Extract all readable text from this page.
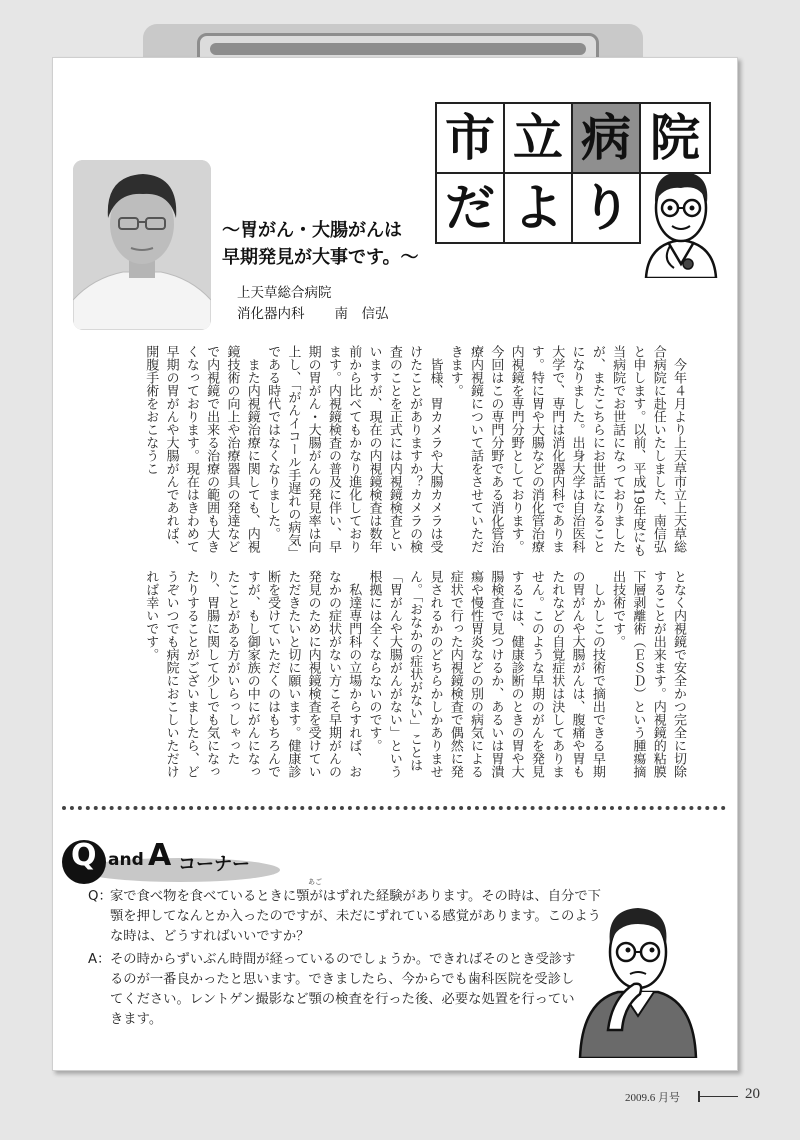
市 立 病 院
だ よ り
～胃がん・大腸がんは
早期発見が大事です。～
上天草総合病院
消化器内科 南　信弘

今年４月より上天草市立上天草総合病院に赴任いたしました、南信弘と申します。以前、平成19年度にも当病院でお世話になっておりましたが、またこちらにお世話になることになりました。出身大学は自治医科大学で、専門は消化器内科であります。特に胃や大腸などの消化管治療内視鏡を専門分野としております。今回はこの専門分野である消化管治療内視鏡について話をさせていただきます。

皆様、胃カメラや大腸カメラは受けたことがありますか？カメラの検査のことを正式には内視鏡検査といいますが、現在の内視鏡検査は数年前から比べてもかなり進化しております。内視鏡検査の普及に伴い、早期の胃がん・大腸がんの発見率は向上し、「がんイコール手遅れの病気」である時代ではなくなりました。

また内視鏡治療に関しても、内視鏡技術の向上や治療器具の発達などで内視鏡で出来る治療の範囲も大きくなっております。現在はきわめて早期の胃がんや大腸がんであれば、開腹手術をおこなうこ

となく内視鏡で安全かつ完全に切除することが出来ます。内視鏡的粘膜下層剥離術（ＥＳＤ）という腫瘍摘出技術です。

しかしこの技術で摘出できる早期の胃がんや大腸がんは、腹痛や胃もたれなどの自覚症状は決してありません。このような早期のがんを発見するには、健康診断のときの胃や大腸検査で見つけるか、あるいは胃潰瘍や慢性胃炎などの別の病気による症状で行った内視鏡検査で偶然に発見されるかのどちらかしかありません。「おなかの症状がない」ことは「胃がんや大腸がんがない」という根拠には全くならないのです。

私達専門科の立場からすれば、おなかの症状がない方こそ早期がんの発見のために内視鏡検査を受けていただきたいと切に願います。健康診断を受けていただくのはもちろんですが、もし御家族の中にがんになったことがある方がいらっしゃったり、胃腸に関して少しでも気になったりすることがございましたら、どうぞいつでも病院におこしいただければ幸いです。

Q and A コーナー
Q：
家で食べ物を食べているときに顎がはずれた経験があります。その時は、自分で下顎を押してなんとか入ったのですが、未だにずれている感覚があります。このような時は、どうすればいいですか？
あご
A： その時からずいぶん時間が経っているのでしょうか。できればそのとき受診するのが一番良かったと思います。できましたら、今からでも歯科医院を受診してください。レントゲン撮影など顎の検査を行った後、必要な処置を行っていきます。
2009.6 月号	20
